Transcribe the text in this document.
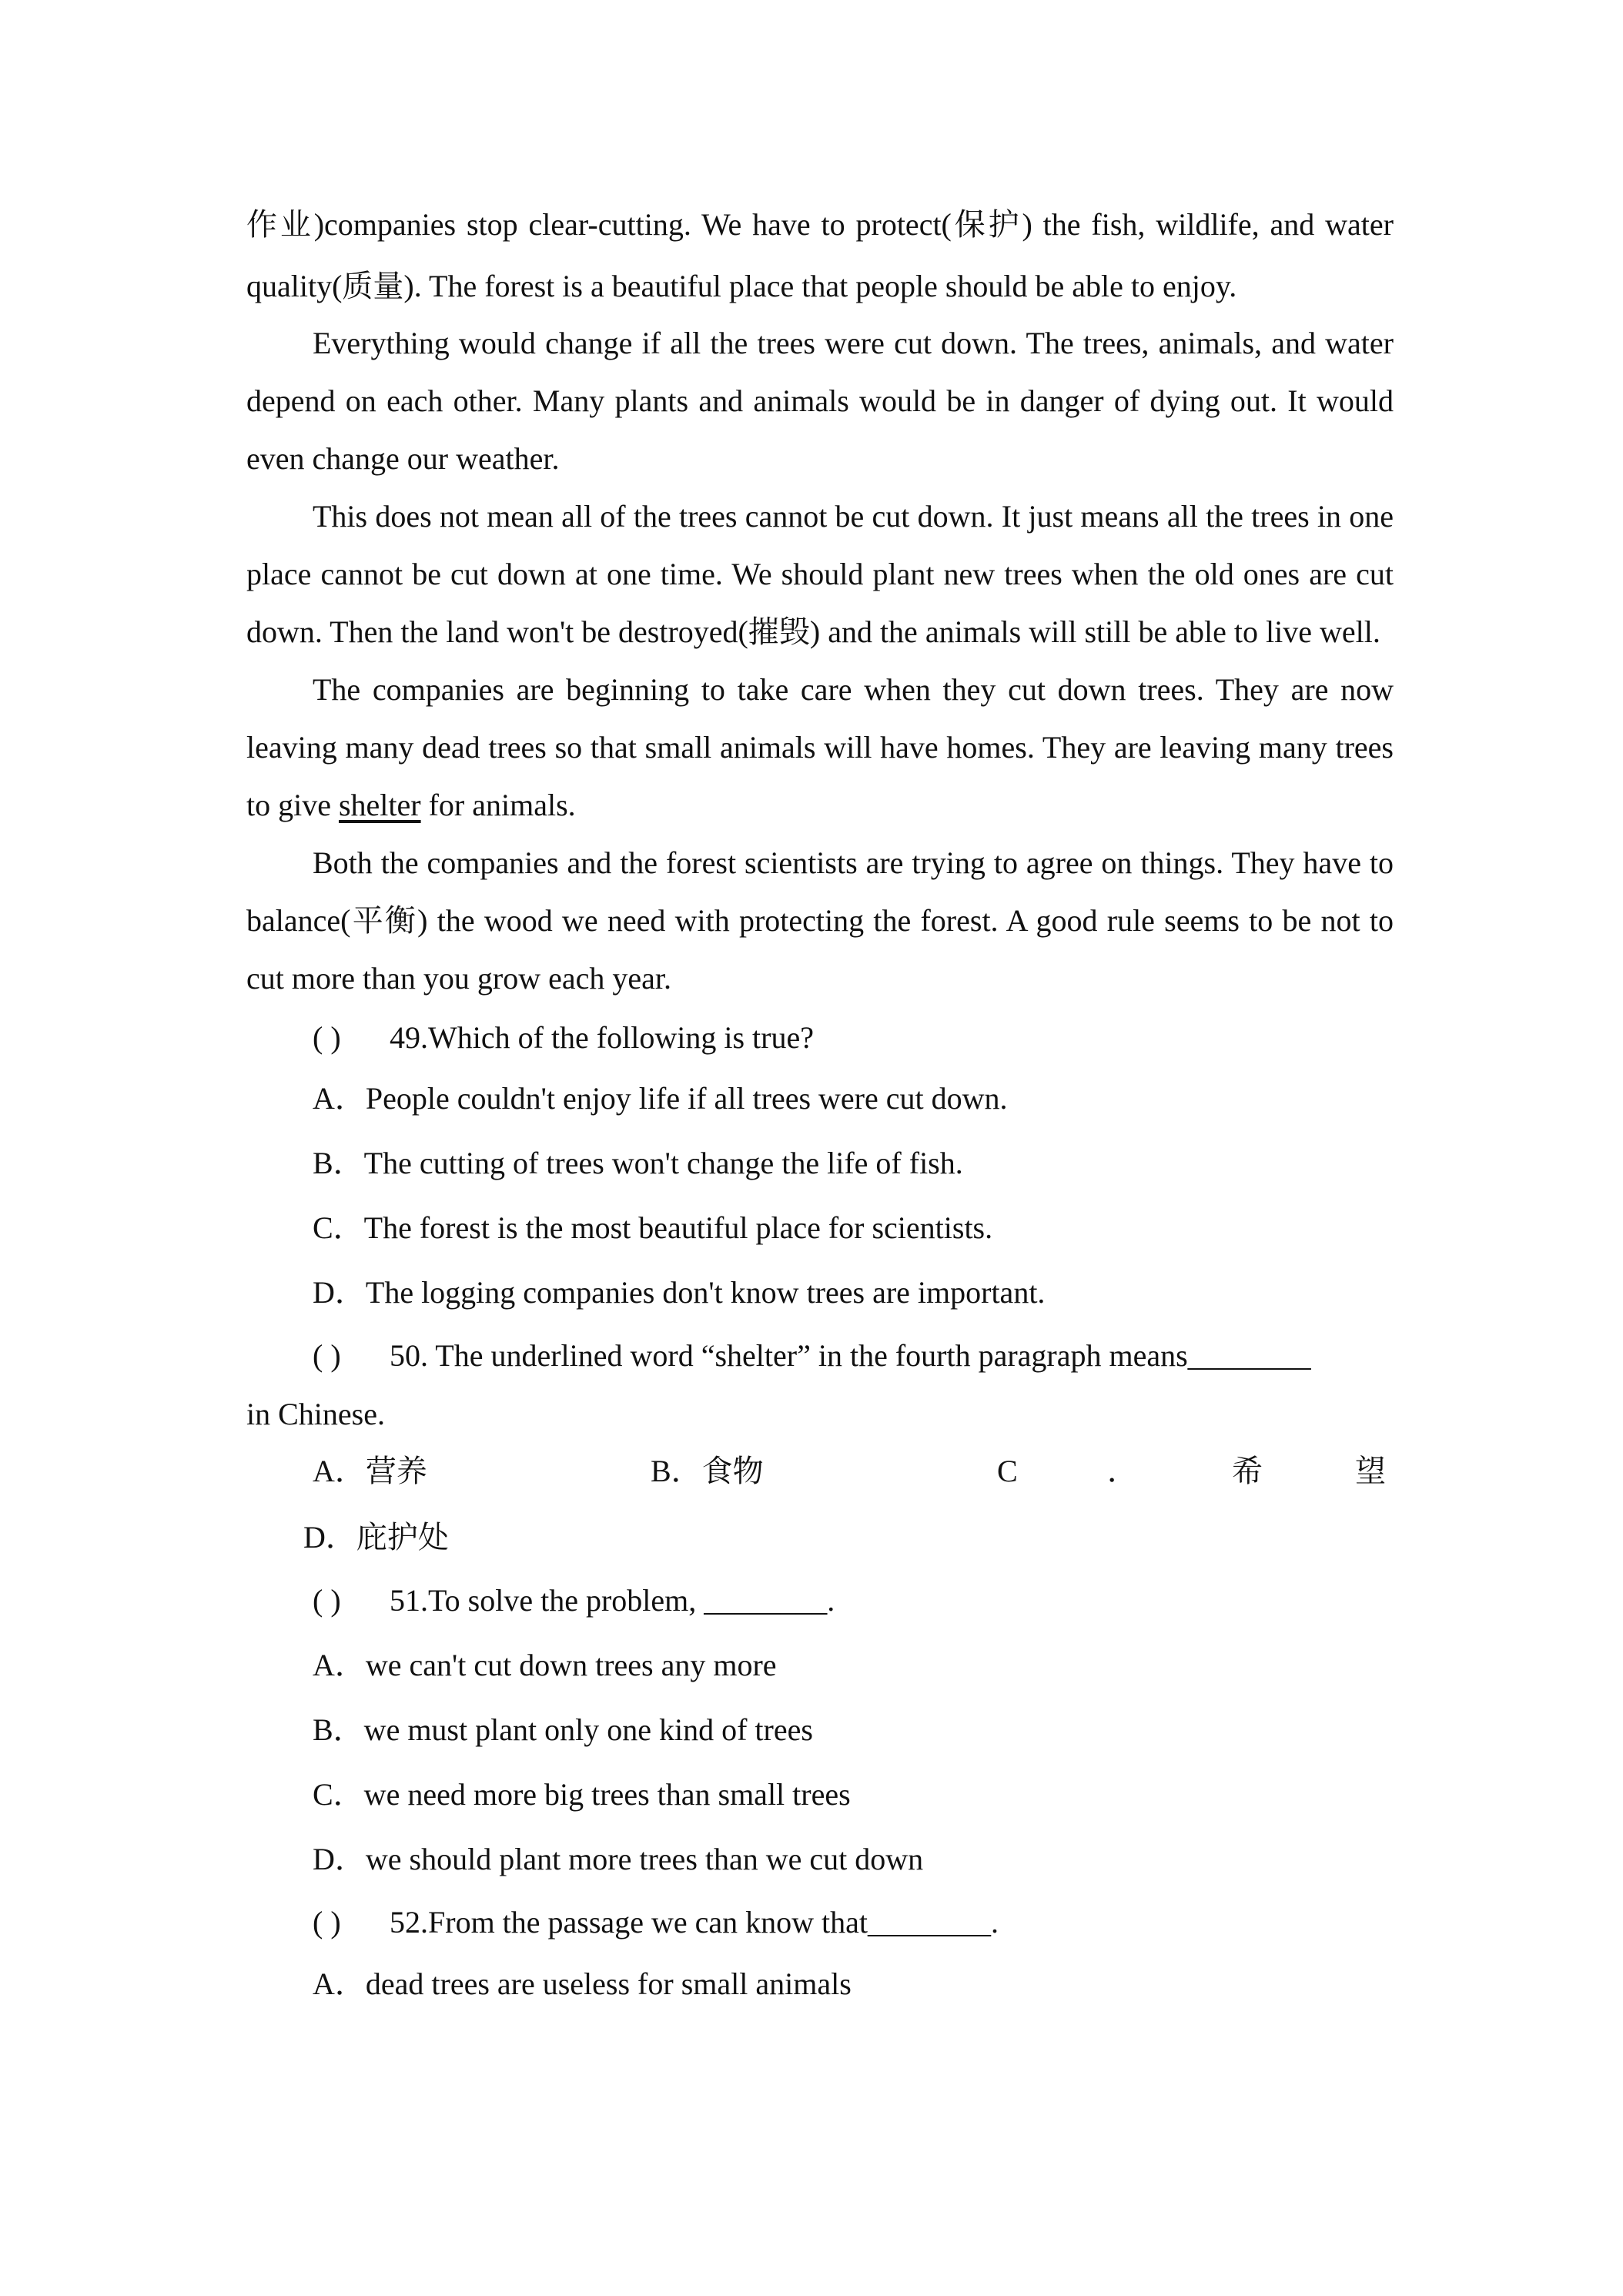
作业)companies stop clear-cutting. We have to protect(保护) the fish, wildlife, and water quality(质量). The forest is a beautiful place that people should be able to enjoy.

Everything would change if all the trees were cut down. The trees, animals, and water depend on each other. Many plants and animals would be in danger of dying out. It would even change our weather.

This does not mean all of the trees cannot be cut down. It just means all the trees in one place cannot be cut down at one time. We should plant new trees when the old ones are cut down. Then the land won't be destroyed(摧毁) and the animals will still be able to live well.

The companies are beginning to take care when they cut down trees. They are now leaving many dead trees so that small animals will have homes. They are leaving many trees to give shelter for animals.

Both the companies and the forest scientists are trying to agree on things. They have to balance(平衡) the wood we need with protecting the forest. A good rule seems to be not to cut more than you grow each year.

( ) 49.Which of the following is true?

A．People couldn't enjoy life if all trees were cut down.

B．The cutting of trees won't change the life of fish.

C．The forest is the most beautiful place for scientists.

D．The logging companies don't know trees are important.

( ) 50. The underlined word “shelter” in the fourth paragraph means________

in Chinese.

A．营养	B．食物	C	．	希	望

D．庇护处

( ) 51.To solve the problem, ________.

A．we can't cut down trees any more

B．we must plant only one kind of trees

C．we need more big trees than small trees

D．we should plant more trees than we cut down

( ) 52.From the passage we can know that________.

A．dead trees are useless for small animals
